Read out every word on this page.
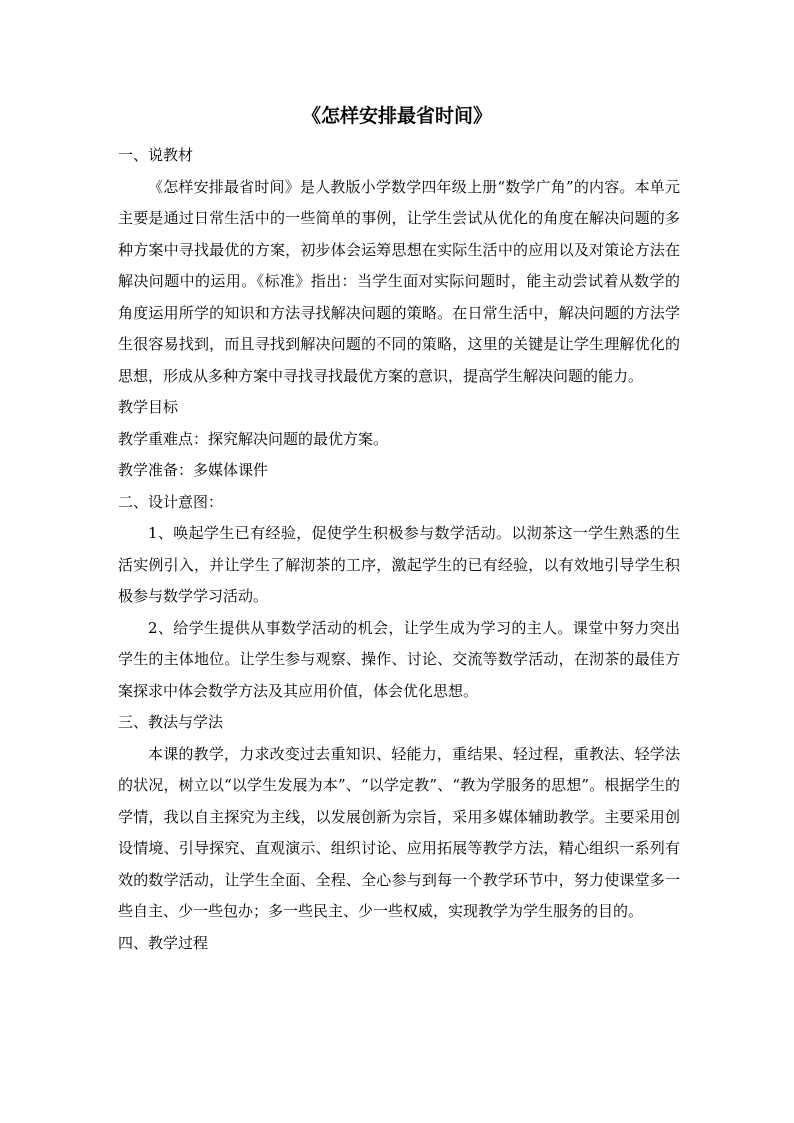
《怎样安排最省时间》

一、说教材

《怎样安排最省时间》是人教版小学数学四年级上册“数学广角”的内容。本单元主要是通过日常生活中的一些简单的事例，让学生尝试从优化的角度在解决问题的多种方案中寻找最优的方案，初步体会运筹思想在实际生活中的应用以及对策论方法在解决问题中的运用。《标准》指出：当学生面对实际问题时，能主动尝试着从数学的角度运用所学的知识和方法寻找解决问题的策略。在日常生活中，解决问题的方法学生很容易找到，而且寻找到解决问题的不同的策略，这里的关键是让学生理解优化的思想，形成从多种方案中寻找寻找最优方案的意识，提高学生解决问题的能力。

教学目标

教学重难点：探究解决问题的最优方案。

教学准备：多媒体课件

二、设计意图：

1、唤起学生已有经验，促使学生积极参与数学活动。以沏茶这一学生熟悉的生活实例引入，并让学生了解沏茶的工序，激起学生的已有经验，以有效地引导学生积极参与数学学习活动。

2、给学生提供从事数学活动的机会，让学生成为学习的主人。课堂中努力突出学生的主体地位。让学生参与观察、操作、讨论、交流等数学活动，在沏茶的最佳方案探求中体会数学方法及其应用价值，体会优化思想。

三、教法与学法

本课的教学，力求改变过去重知识、轻能力，重结果、轻过程，重教法、轻学法的状况，树立以“以学生发展为本”、“以学定教”、“教为学服务的思想”。根据学生的学情，我以自主探究为主线，以发展创新为宗旨，采用多媒体辅助教学。主要采用创设情境、引导探究、直观演示、组织讨论、应用拓展等教学方法，精心组织一系列有效的数学活动，让学生全面、全程、全心参与到每一个教学环节中，努力使课堂多一些自主、少一些包办；多一些民主、少一些权威，实现教学为学生服务的目的。

四、教学过程
